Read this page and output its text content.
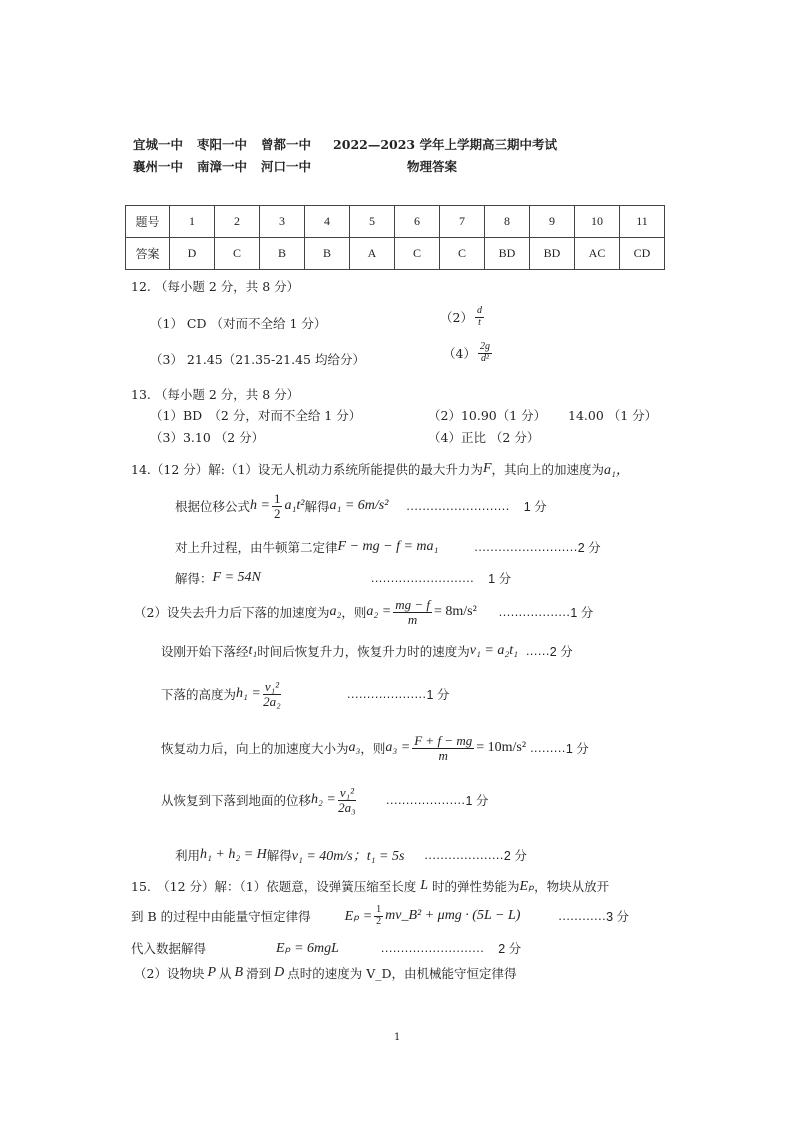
宜城一中 枣阳一中 曾都一中 2022—2023 学年上学期高三期中考试
襄州一中 南漳一中 河口一中	物理答案
题号	1	2	3	4	5	6	7	8	9	10	11
答案	D	C	B	B	A	C	C	BD	BD	AC	CD
12. （每小题 2 分，共 8 分）
（1） CD （对而不全给 1 分）	$(2) \frac{d}{t}$
（3） 21.45（21.35-21.45 均给分）	$(4) \frac{2g}{\text{d²}}$
13. （每小题 2 分，共 8 分）
（1）BD　（2 分，对而不全给 1 分）	（2）10.90（1 分） 14.00 （1 分）
（3）3.10 （2 分）	（4）正比 （2 分）
14.（12 分）解:（1）设无人机动力系统所能提供的最大升力为 F ，其向上的加速度为 a₁，
根据位移公式 $h = \frac{1}{2} a_1t^2$ 解得 a₁ = 6m/s² .......................... 1 分
对上升过程，由牛顿第二定律 F − mg − f = ma₁	.......................... 2 分
解得： F = 54N	.......................... 1 分
（2）设失去升力后下落的加速度为 a₂ ，则 $a_2 = \frac{mg - f}{m} = 8m/s^2$ .................. 1 分
设刚开始下落经 t₁ 时间后恢复升力，恢复升力时的速度为 v₁ = a₂t₁ ...... 2 分
下落的高度为 $h_1 = \frac{\text{v₁²}}{\text{2a₂}}$	.................... 1 分
恢复动力后，向上的加速度大小为 a₃ ，则 $a_3 = \frac{F + f - mg}{m} = 10m/s^2$ ......... 1 分
从恢复到下落到地面的位移 $h_2 = \frac{\text{v₁²}}{\text{2a₃}}$ .................... 1 分
利用 h₁ + h₂ = H 解得 v₁ = 40m/s；t₁ = 5s .................... 2 分
15.　（12 分）解：（1）依题意，设弹簧压缩至长度 L 时的弹性势能为 Eₚ ，物块从放开
到 B 的过程中由能量守恒定律得 $E_p = \frac{1}{2}$ mv_B² + μmg · (5L − L)	............ 3 分
代入数据解得	Eₚ = 6mgL	.......................... 2 分
（2）设物块 P 从 B 滑到 D 点时的速度为 V_D，由机械能守恒定律得
1
